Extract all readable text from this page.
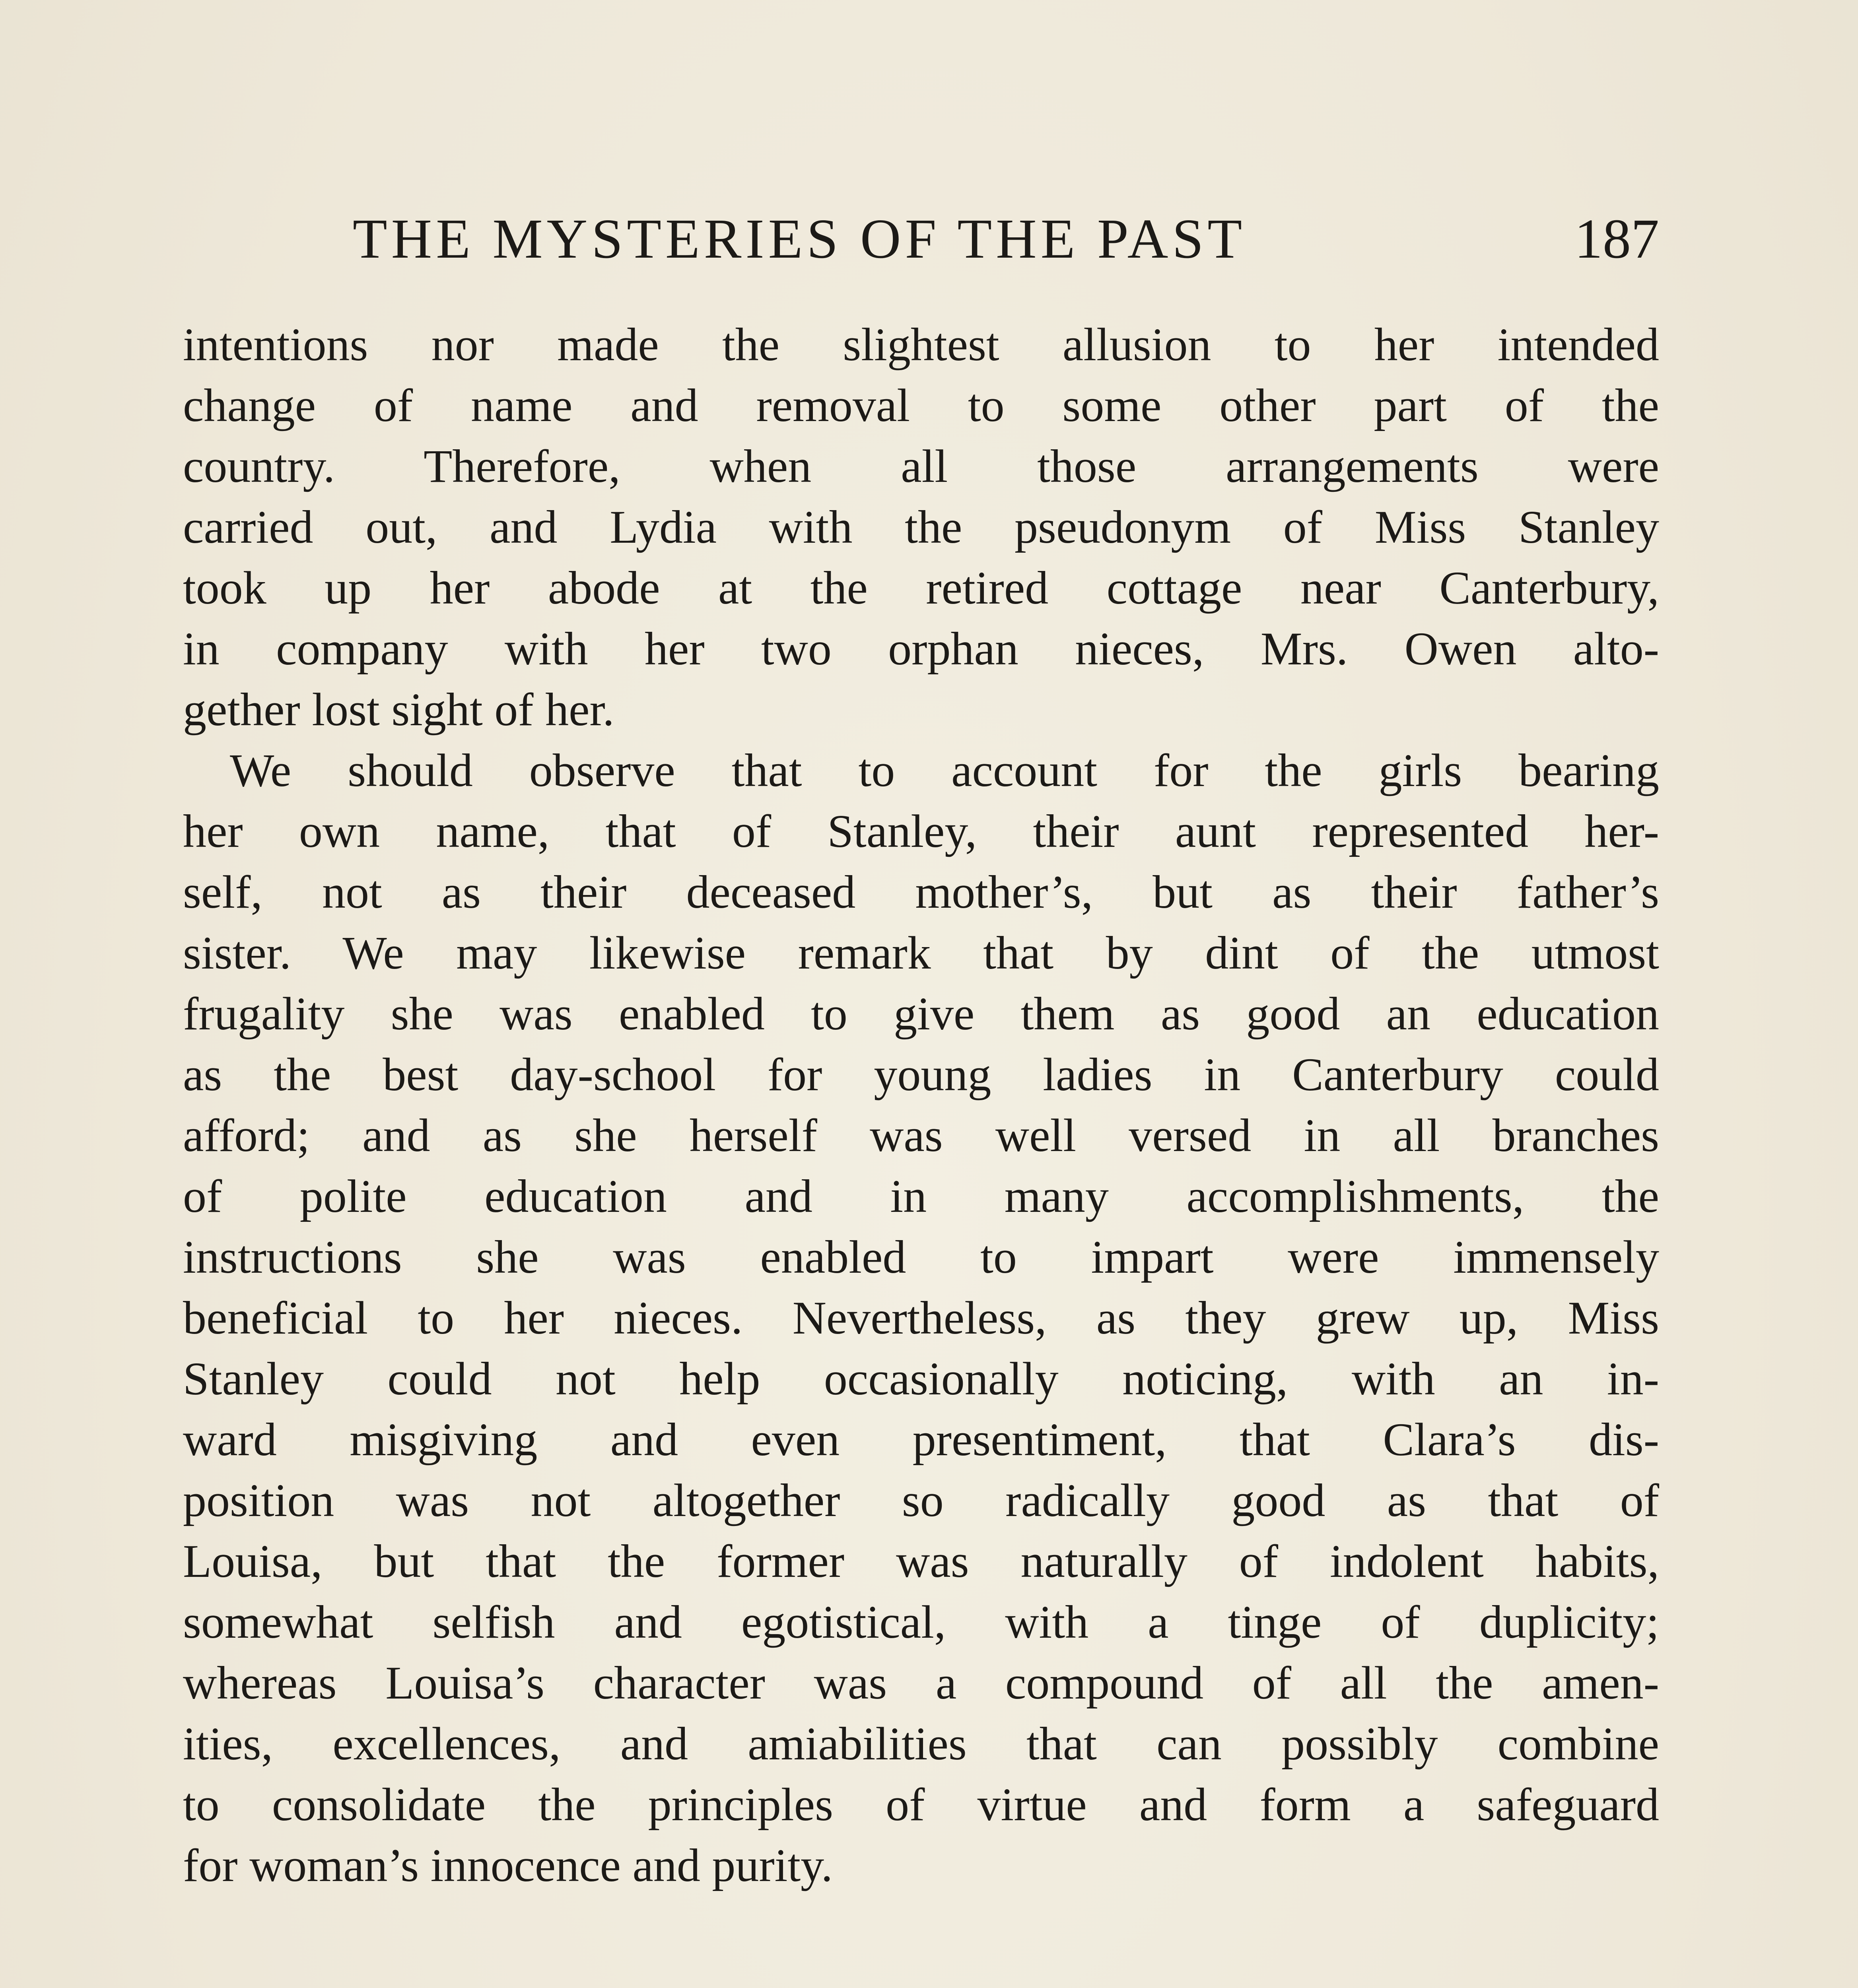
THE MYSTERIES OF THE PAST	187

intentions nor made the slightest allusion to her intended
change of name and removal to some other part of the
country. Therefore, when all those arrangements were
carried out, and Lydia with the pseudonym of Miss Stanley
took up her abode at the retired cottage near Canterbury,
in company with her two orphan nieces, Mrs. Owen alto-
gether lost sight of her.

We should observe that to account for the girls bearing
her own name, that of Stanley, their aunt represented her-
self, not as their deceased mother’s, but as their father’s
sister. We may likewise remark that by dint of the utmost
frugality she was enabled to give them as good an education
as the best day-school for young ladies in Canterbury could
afford; and as she herself was well versed in all branches
of polite education and in many accomplishments, the
instructions she was enabled to impart were immensely
beneficial to her nieces. Nevertheless, as they grew up, Miss
Stanley could not help occasionally noticing, with an in-
ward misgiving and even presentiment, that Clara’s dis-
position was not altogether so radically good as that of
Louisa, but that the former was naturally of indolent habits,
somewhat selfish and egotistical, with a tinge of duplicity;
whereas Louisa’s character was a compound of all the amen-
ities, excellences, and amiabilities that can possibly combine
to consolidate the principles of virtue and form a safeguard
for woman’s innocence and purity.
